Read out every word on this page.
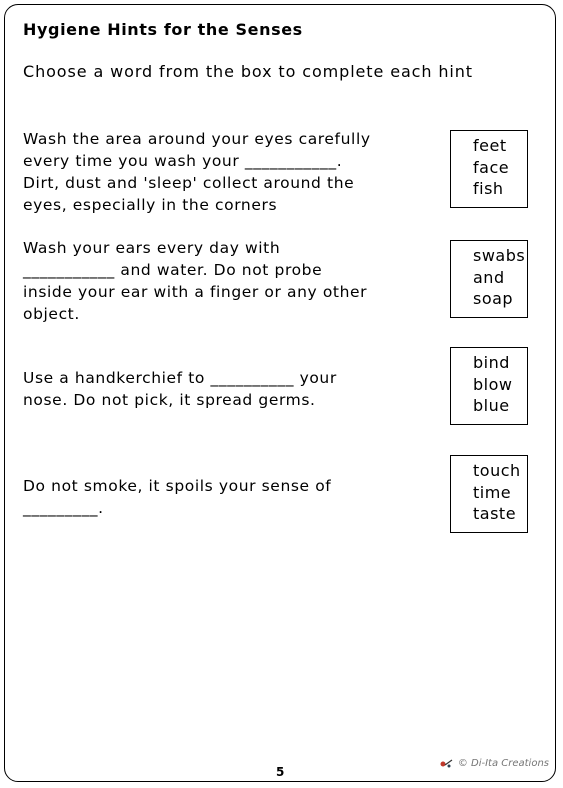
Hygiene Hints for the Senses
Choose a word from the box to complete each hint
Wash the area around your eyes carefully
every time you wash your ___________.
Dirt, dust and 'sleep' collect around the
eyes, especially in the corners
feet
face
fish
Wash your ears every day with
___________ and water. Do not probe
inside your ear with a finger or any other
object.
swabs
and
soap
Use a handkerchief to __________ your
nose. Do not pick, it spread germs.
bind
blow
blue
Do not smoke, it spoils your sense of
_________.
touch
time
taste
5
© Di-Ita Creations
